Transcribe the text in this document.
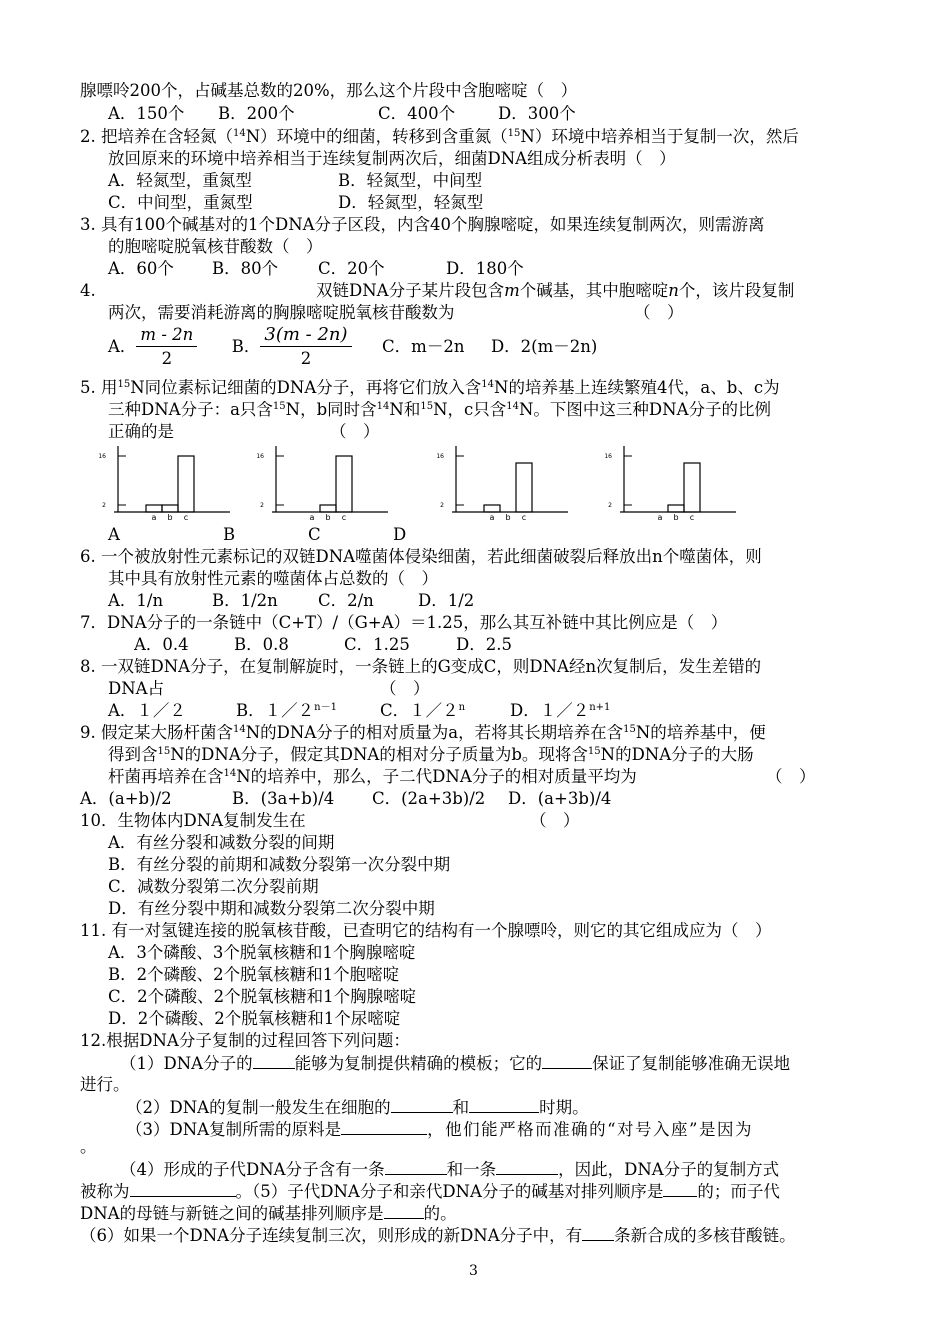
腺嘌呤200个，占碱基总数的20%，那么这个片段中含胞嘧啶（　）
A．150个 B．200个	C．400个	D．300个
2. 把培养在含轻氮（$^{14}$N）环境中的细菌，转移到含重氮（$^{15}$N）环境中培养相当于复制一次，然后
放回原来的环境中培养相当于连续复制两次后，细菌DNA组成分析表明（　）
A．轻氮型，重氮型	B．轻氮型，中间型
C．中间型，重氮型	D．轻氮型，轻氮型
3. 具有100个碱基对的1个DNA分子区段，内含40个胸腺嘧啶，如果连续复制两次，则需游离
的胞嘧啶脱氧核苷酸数（　）
A．60个 B．80个 C．20个	D．180个
4.	双链DNA分子某片段包含m个碱基，其中胞嘧啶n个，该片段复制
两次，需要消耗游离的胸腺嘧啶脱氧核苷酸数为	（　）
A． $\frac{m - 2n}{2}$ B． $\frac{3(m - 2n)}{2}$ C．m－2n D．2(m－2n)
5. 用$^{15}$N同位素标记细菌的DNA分子，再将它们放入含$^{14}$N的培养基上连续繁殖4代，a、b、c为
三种DNA分子：a只含$^{15}$N，b同时含$^{14}$N和$^{15}$N，c只含$^{14}$N。下图中这三种DNA分子的比例
正确的是	（　）
16
2
a b c
16
2
a b c
16
2
a b c
16
2
a b c
A	B	C	D
6. 一个被放射性元素标记的双链DNA噬菌体侵染细菌，若此细菌破裂后释放出n个噬菌体，则
其中具有放射性元素的噬菌体占总数的（　）
A．1/n	B．1/2n C．2/n	D．1/2
7．DNA分子的一条链中（C+T）/（G+A）＝1.25，那么其互补链中其比例应是（　）
A．0.4	B．0.8	C．1.25	D．2.5
8. 一双链DNA分子，在复制解旋时，一条链上的G变成C，则DNA经n次复制后，发生差错的
DNA占	（　）
A．１／２	B．$1/2^{n-1}$	C．１／２$^n$	D．$1/2^{n+1}$
9. 假定某大肠杆菌含$^{14}$N的DNA分子的相对质量为a，若将其长期培养在含$^{15}$N的培养基中，便
得到含$^{15}$N的DNA分子，假定其DNA的相对分子质量为b。现将含$^{15}$N的DNA分子的大肠
杆菌再培养在含$^{14}$N的培养中，那么，子二代DNA分子的相对质量平均为	（　）
A．(a+b)/2	B．(3a+b)/4 C．(2a+3b)/2 D．(a+3b)/4
10．生物体内DNA复制发生在	（　）
A．有丝分裂和减数分裂的间期
B．有丝分裂的前期和减数分裂第一次分裂中期
C．减数分裂第二次分裂前期
D．有丝分裂中期和减数分裂第二次分裂中期
11. 有一对氢键连接的脱氧核苷酸，已查明它的结构有一个腺嘌呤，则它的其它组成应为（　）
A．3个磷酸、3个脱氧核糖和1个胸腺嘧啶
B．2个磷酸、2个脱氧核糖和1个胞嘧啶
C．2个磷酸、2个脱氧核糖和1个胸腺嘧啶
D．2个磷酸、2个脱氧核糖和1个尿嘧啶
12.根据DNA分子复制的过程回答下列问题：
（1）DNA分子的	能够为复制提供精确的模板；它的	保证了复制能够准确无误地
进行。
（2）DNA的复制一般发生在细胞的	和	时期。
（3）DNA复制所需的原料是	，他们能严格而准确的“对号入座”是因为
。
（4）形成的子代DNA分子含有一条	和一条	，因此，DNA分子的复制方式
被称为	。（5）子代DNA分子和亲代DNA分子的碱基对排列顺序是 的；而子代
DNA的母链与新链之间的碱基排列顺序是 的。
（6）如果一个DNA分子连续复制三次，则形成的新DNA分子中，有 条新合成的多核苷酸链。
3
